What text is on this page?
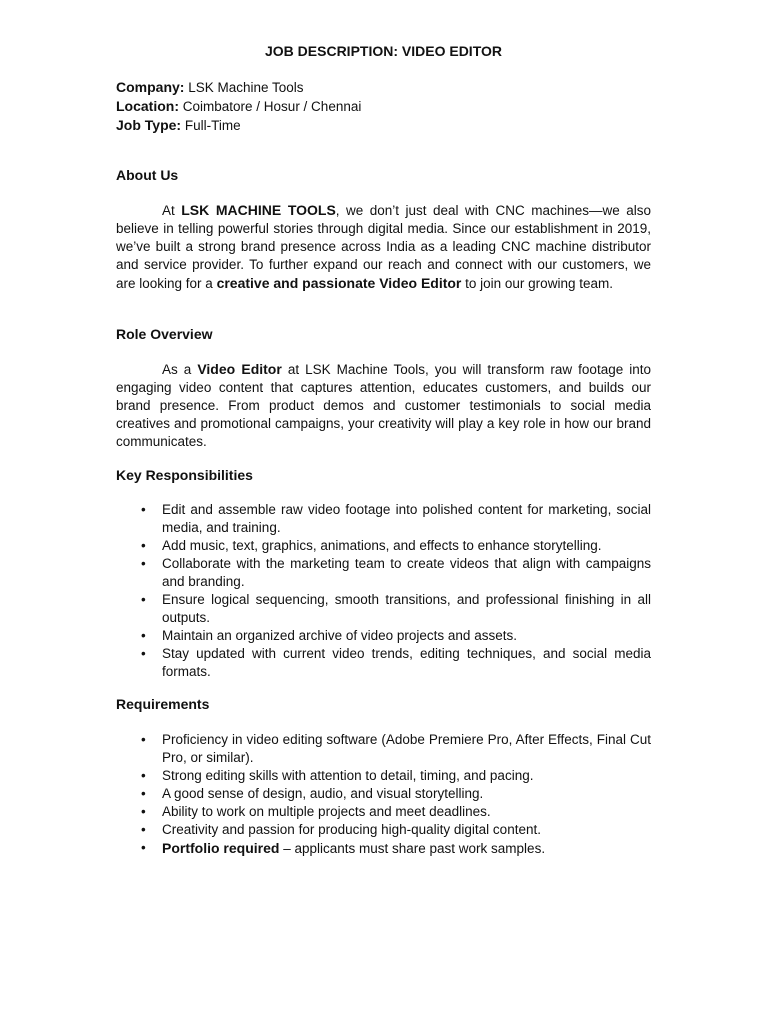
JOB DESCRIPTION: VIDEO EDITOR
Company: LSK Machine Tools
Location: Coimbatore / Hosur / Chennai
Job Type: Full-Time
About Us
At LSK MACHINE TOOLS, we don’t just deal with CNC machines—we also believe in telling powerful stories through digital media. Since our establishment in 2019, we’ve built a strong brand presence across India as a leading CNC machine distributor and service provider. To further expand our reach and connect with our customers, we are looking for a creative and passionate Video Editor to join our growing team.
Role Overview
As a Video Editor at LSK Machine Tools, you will transform raw footage into engaging video content that captures attention, educates customers, and builds our brand presence. From product demos and customer testimonials to social media creatives and promotional campaigns, your creativity will play a key role in how our brand communicates.
Key Responsibilities
• Edit and assemble raw video footage into polished content for marketing, social media, and training.
• Add music, text, graphics, animations, and effects to enhance storytelling.
• Collaborate with the marketing team to create videos that align with campaigns and branding.
• Ensure logical sequencing, smooth transitions, and professional finishing in all outputs.
• Maintain an organized archive of video projects and assets.
• Stay updated with current video trends, editing techniques, and social media formats.
Requirements
• Proficiency in video editing software (Adobe Premiere Pro, After Effects, Final Cut Pro, or similar).
• Strong editing skills with attention to detail, timing, and pacing.
• A good sense of design, audio, and visual storytelling.
• Ability to work on multiple projects and meet deadlines.
• Creativity and passion for producing high-quality digital content.
• Portfolio required – applicants must share past work samples.
